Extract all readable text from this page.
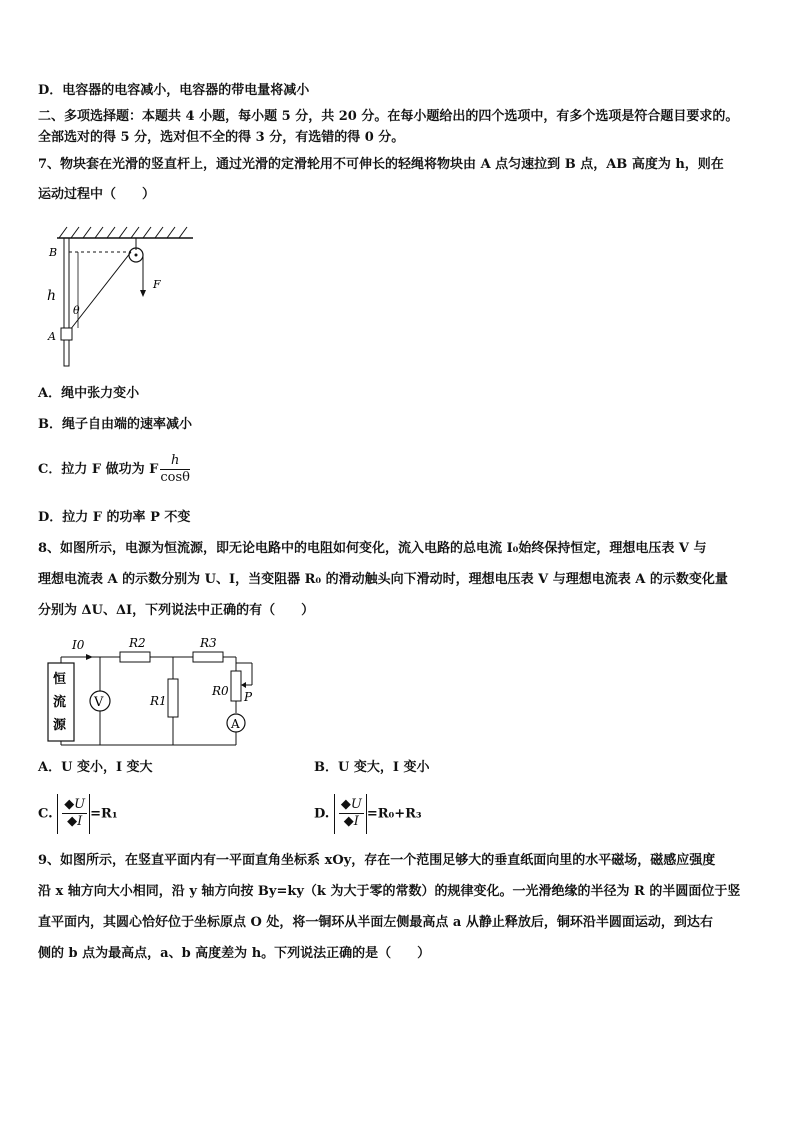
D．电容器的电容减小，电容器的带电量将减小
二、多项选择题：本题共 4 小题，每小题 5 分，共 20 分。在每小题给出的四个选项中，有多个选项是符合题目要求的。
全部选对的得 5 分，选对但不全的得 3 分，有选错的得 0 分。
7、物块套在光滑的竖直杆上，通过光滑的定滑轮用不可伸长的轻绳将物块由 A 点匀速拉到 B 点，AB 高度为 h，则在
运动过程中（　　）
B
h
θ
A
F
A．绳中张力变小
B．绳子自由端的速率减小
C．拉力 F 做功为 F $\frac{h}{\cos\theta}$
D．拉力 F 的功率 P 不变
8、如图所示，电源为恒流源，即无论电路中的电阻如何变化，流入电路的总电流 I₀始终保持恒定，理想电压表 V 与
理想电流表 A 的示数分别为 U、I，当变阻器 R₀ 的滑动触头向下滑动时，理想电压表 V 与理想电流表 A 的示数变化量
分别为 ΔU、ΔI，下列说法中正确的有（　　）
恒
流
源
V
A
I0	R2	R3
R1
R0 P
A．U 变小，I 变大	B．U 变大，I 变小
C. $\frac{◆U}{◆I} =R_1$	D. $\frac{◆U}{◆I} =R_0+R_3$
9、如图所示，在竖直平面内有一平面直角坐标系 xOy，存在一个范围足够大的垂直纸面向里的水平磁场，磁感应强度
沿 x 轴方向大小相同，沿 y 轴方向按 By=ky（k 为大于零的常数）的规律变化。一光滑绝缘的半径为 R 的半圆面位于竖
直平面内，其圆心恰好位于坐标原点 O 处，将一铜环从半面左侧最高点 a 从静止释放后，铜环沿半圆面运动，到达右
侧的 b 点为最高点，a、b 高度差为 h。下列说法正确的是（　　）
